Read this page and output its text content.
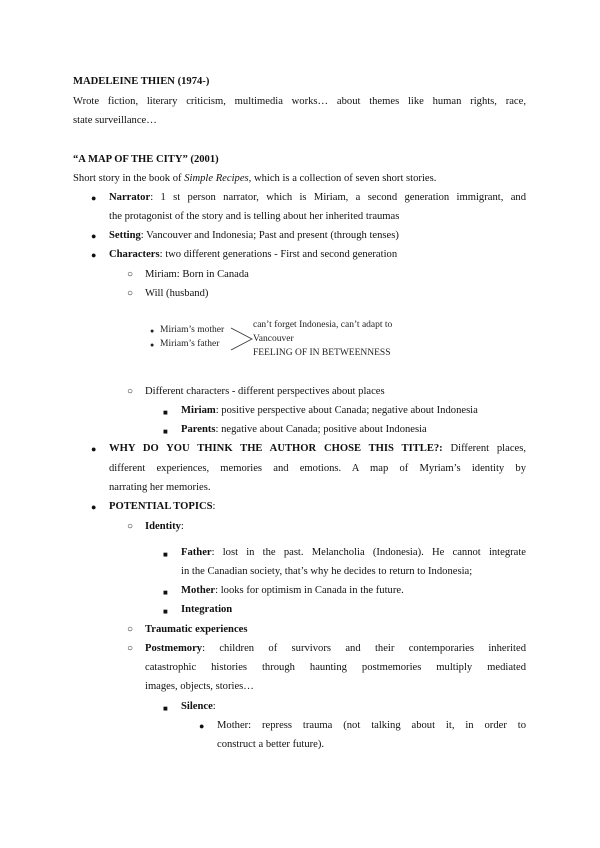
MADELEINE THIEN (1974-)
Wrote fiction, literary criticism, multimedia works… about themes like human rights, race,
state surveillance…
“A MAP OF THE CITY” (2001)
Short story in the book of Simple Recipes, which is a collection of seven short stories.
● Narrator: 1 st person narrator, which is Miriam, a second generation immigrant, and
the protagonist of the story and is telling about her inherited traumas
● Setting: Vancouver and Indonesia; Past and present (through tenses)
● Characters: two different generations - First and second generation
○ Miriam: Born in Canada
○ Will (husband)
● Miriam’s mother
● Miriam’s father
can’t forget Indonesia, can’t adapt to
Vancouver
FEELING OF IN BETWEENNESS
○ Different characters - different perspectives about places
■ Miriam: positive perspective about Canada; negative about Indonesia
■ Parents: negative about Canada; positive about Indonesia
● WHY DO YOU THINK THE AUTHOR CHOSE THIS TITLE?: Different places,
different experiences, memories and emotions. A map of Myriam’s identity by
narrating her memories.
● POTENTIAL TOPICS:
○ Identity:
■ Father: lost in the past. Melancholia (Indonesia). He cannot integrate
in the Canadian society, that’s why he decides to return to Indonesia;
■ Mother: looks for optimism in Canada in the future.
■ Integration
○ Traumatic experiences
○ Postmemory: children of survivors and their contemporaries inherited
catastrophic histories through haunting postmemories multiply mediated
images, objects, stories…
■ Silence:
● Mother: repress trauma (not talking about it, in order to
construct a better future).
